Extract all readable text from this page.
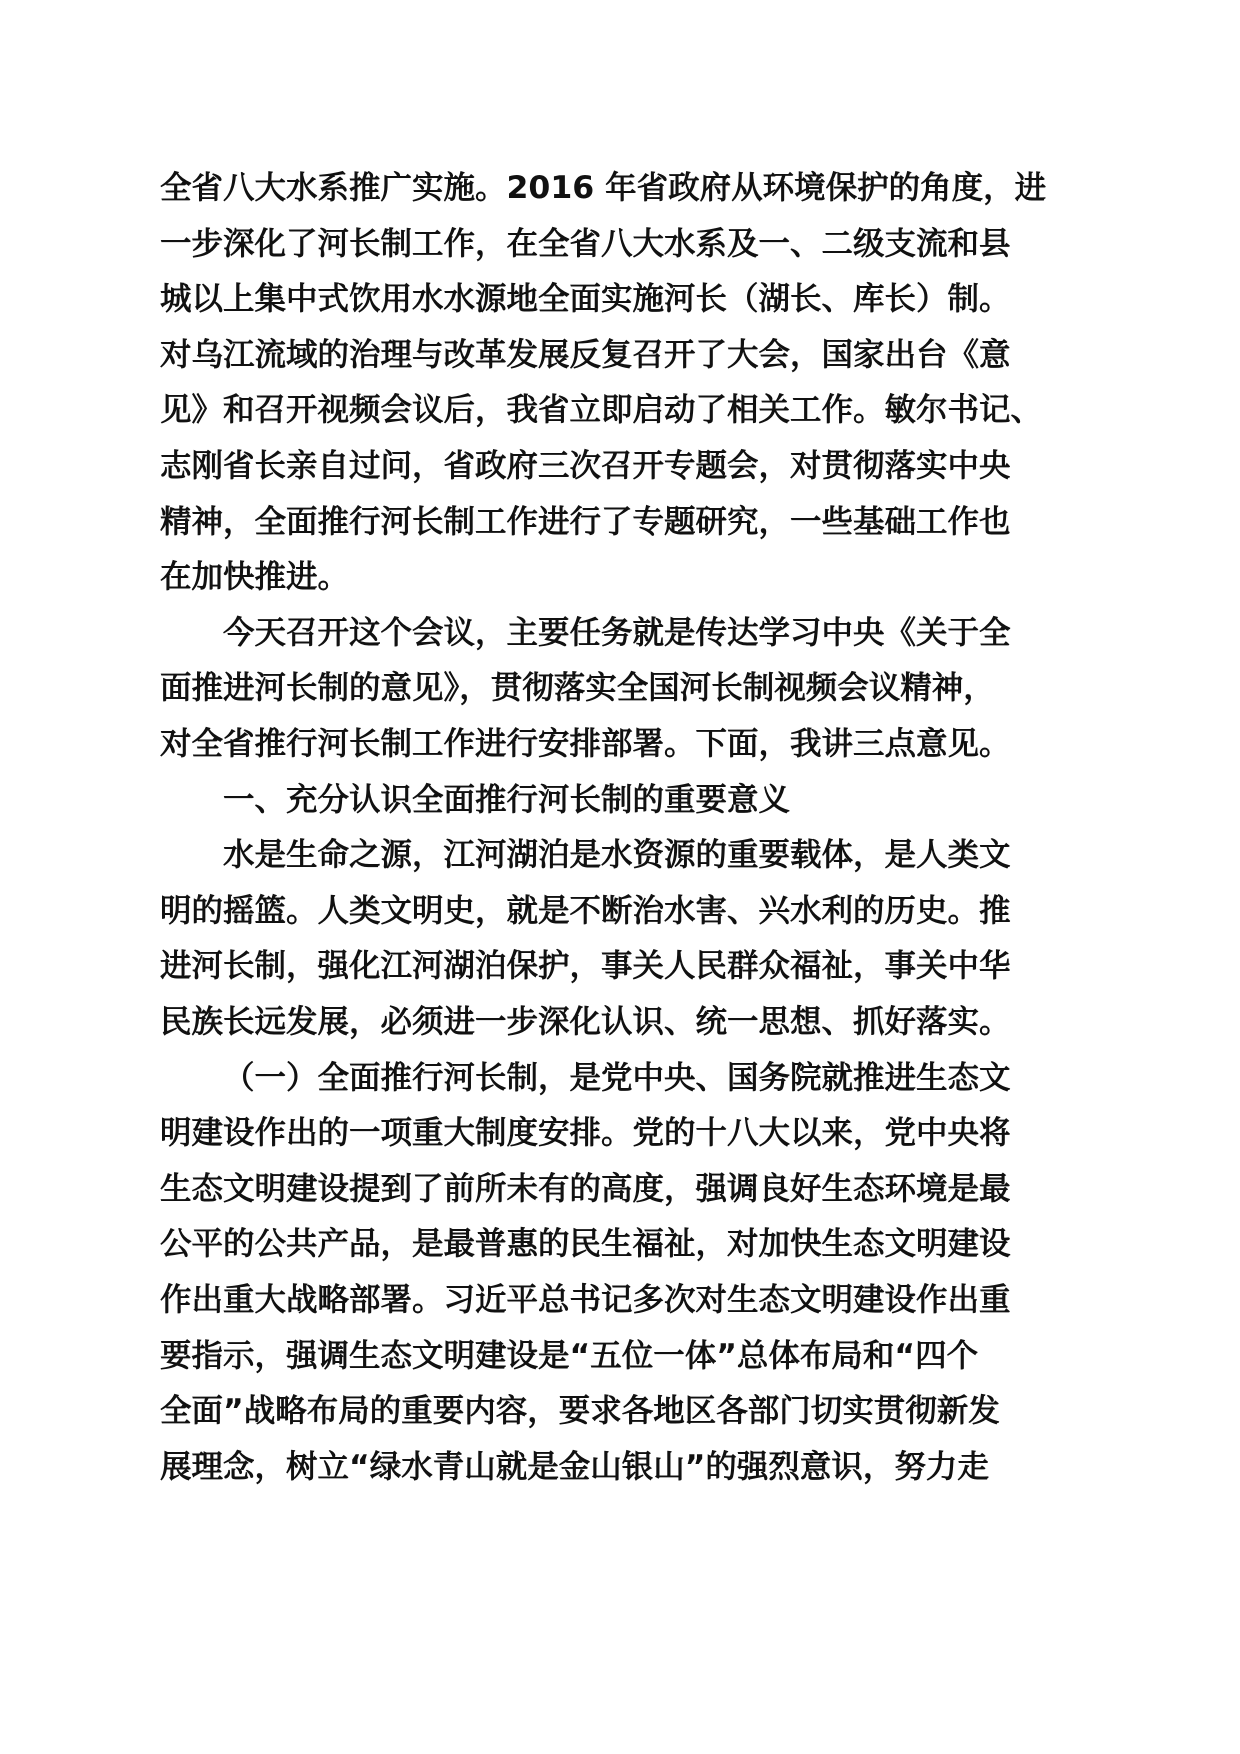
全省八大水系推广实施。2016 年省政府从环境保护的角度，进
一步深化了河长制工作，在全省八大水系及一、二级支流和县
城以上集中式饮用水水源地全面实施河长（湖长、库长）制。
对乌江流域的治理与改革发展反复召开了大会，国家出台《意
见》和召开视频会议后，我省立即启动了相关工作。敏尔书记、
志刚省长亲自过问，省政府三次召开专题会，对贯彻落实中央
精神，全面推行河长制工作进行了专题研究，一些基础工作也
在加快推进。
今天召开这个会议，主要任务就是传达学习中央《关于全
面推进河长制的意见》，贯彻落实全国河长制视频会议精神，
对全省推行河长制工作进行安排部署。下面，我讲三点意见。
一、充分认识全面推行河长制的重要意义
水是生命之源，江河湖泊是水资源的重要载体，是人类文
明的摇篮。人类文明史，就是不断治水害、兴水利的历史。推
进河长制，强化江河湖泊保护，事关人民群众福祉，事关中华
民族长远发展，必须进一步深化认识、统一思想、抓好落实。
（一）全面推行河长制，是党中央、国务院就推进生态文
明建设作出的一项重大制度安排。党的十八大以来，党中央将
生态文明建设提到了前所未有的高度，强调良好生态环境是最
公平的公共产品，是最普惠的民生福祉，对加快生态文明建设
作出重大战略部署。习近平总书记多次对生态文明建设作出重
要指示，强调生态文明建设是“五位一体”总体布局和“四个
全面”战略布局的重要内容，要求各地区各部门切实贯彻新发
展理念，树立“绿水青山就是金山银山”的强烈意识，努力走
